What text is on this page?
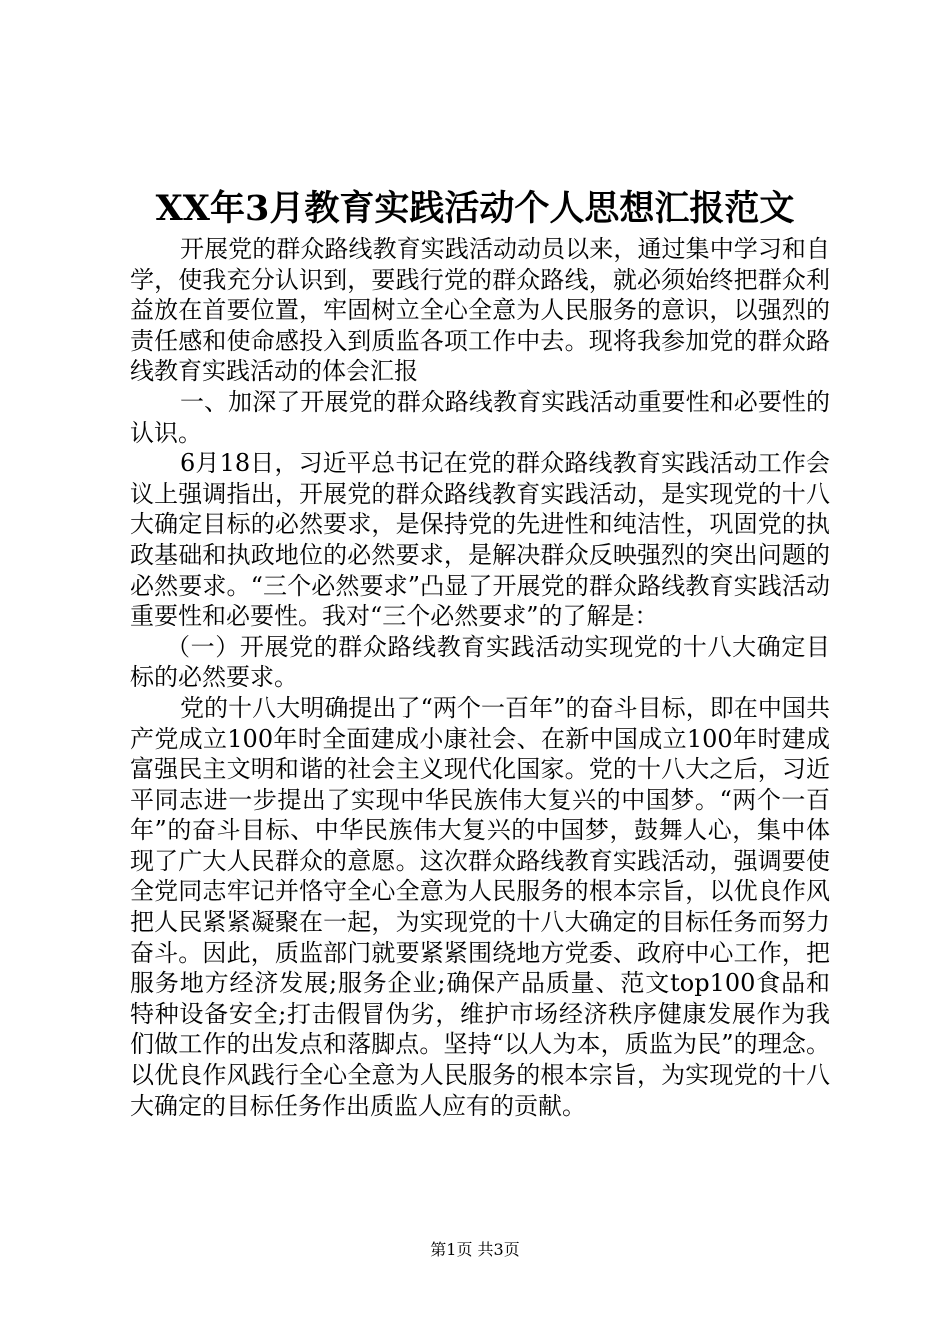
XX年3月教育实践活动个人思想汇报范文

开展党的群众路线教育实践活动动员以来，通过集中学习和自学，使我充分认识到，要践行党的群众路线，就必须始终把群众利益放在首要位置，牢固树立全心全意为人民服务的意识，以强烈的责任感和使命感投入到质监各项工作中去。现将我参加党的群众路线教育实践活动的体会汇报

一、加深了开展党的群众路线教育实践活动重要性和必要性的认识。

6月18日，习近平总书记在党的群众路线教育实践活动工作会议上强调指出，开展党的群众路线教育实践活动，是实现党的十八大确定目标的必然要求，是保持党的先进性和纯洁性，巩固党的执政基础和执政地位的必然要求，是解决群众反映强烈的突出问题的必然要求。“三个必然要求”凸显了开展党的群众路线教育实践活动重要性和必要性。我对“三个必然要求”的了解是：

（一）开展党的群众路线教育实践活动实现党的十八大确定目标的必然要求。

党的十八大明确提出了“两个一百年”的奋斗目标，即在中国共产党成立100年时全面建成小康社会、在新中国成立100年时建成富强民主文明和谐的社会主义现代化国家。党的十八大之后，习近平同志进一步提出了实现中华民族伟大复兴的中国梦。“两个一百年”的奋斗目标、中华民族伟大复兴的中国梦，鼓舞人心，集中体现了广大人民群众的意愿。这次群众路线教育实践活动，强调要使全党同志牢记并恪守全心全意为人民服务的根本宗旨，以优良作风把人民紧紧凝聚在一起，为实现党的十八大确定的目标任务而努力奋斗。因此，质监部门就要紧紧围绕地方党委、政府中心工作，把服务地方经济发展;服务企业;确保产品质量、范文top100食品和特种设备安全;打击假冒伪劣，维护市场经济秩序健康发展作为我们做工作的出发点和落脚点。坚持“以人为本，质监为民”的理念。以优良作风践行全心全意为人民服务的根本宗旨，为实现党的十八大确定的目标任务作出质监人应有的贡献。

第1页 共3页
